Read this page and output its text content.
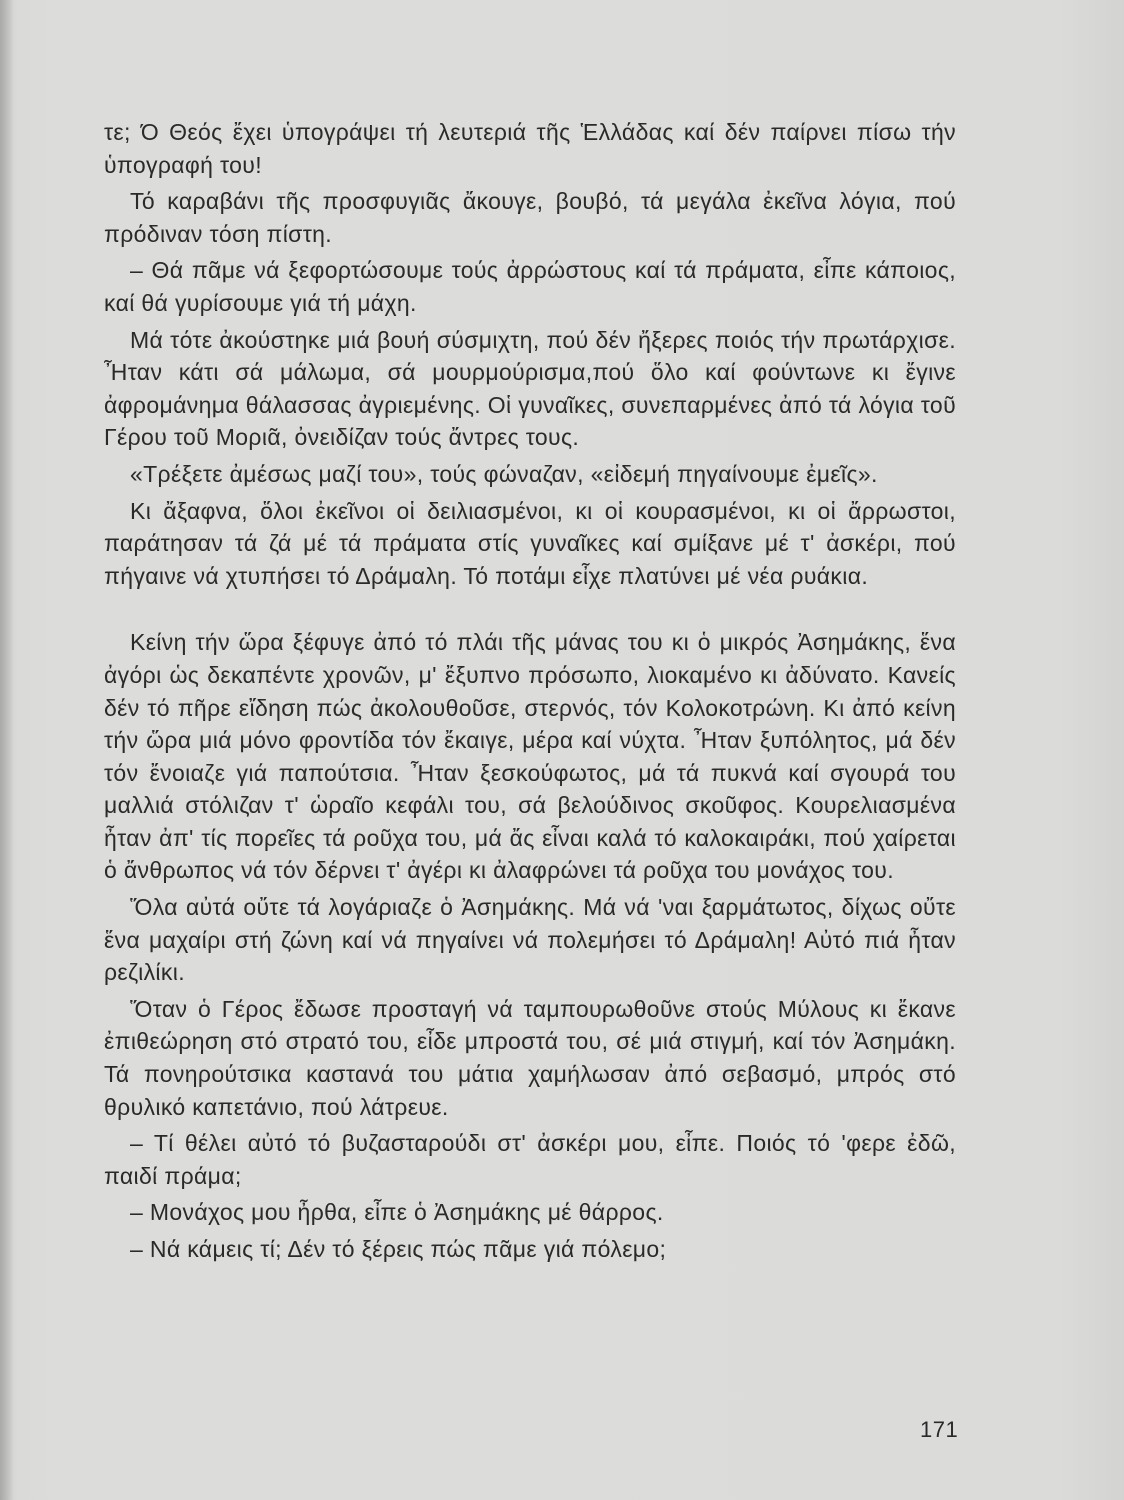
τε; Ό Θεός ἔχει ὑπογράψει τή λευτεριά τῆς Ἑλλάδας καί δέν παίρνει πίσω τήν ὑπογραφή του!

Τό καραβάνι τῆς προσφυγιᾶς ἄκουγε, βουβό, τά μεγάλα ἐκεῖνα λόγια, πού πρόδιναν τόση πίστη.

– Θά πᾶμε νά ξεφορτώσουμε τούς ἀρρώστους καί τά πράματα, εἶπε κάποιος, καί θά γυρίσουμε γιά τή μάχη.

Μά τότε ἀκούστηκε μιά βουή σύσμιχτη, πού δέν ἤξερες ποιός τήν πρωτάρχισε. Ἦταν κάτι σά μάλωμα, σά μουρμούρισμα,πού ὅλο καί φούντωνε κι ἔγινε ἀφρομάνημα θάλασσας ἀγριεμένης. Οἱ γυναῖκες, συνεπαρμένες ἀπό τά λόγια τοῦ Γέρου τοῦ Μοριᾶ, ὀνειδίζαν τούς ἄντρες τους.

«Τρέξετε ἀμέσως μαζί του», τούς φώναζαν, «εἰδεμή πηγαίνουμε ἐμεῖς».

Κι ἄξαφνα, ὅλοι ἐκεῖνοι οἱ δειλιασμένοι, κι οἱ κουρασμένοι, κι οἱ ἄρρωστοι, παράτησαν τά ζά μέ τά πράματα στίς γυναῖκες καί σμίξανε μέ τ' ἀσκέρι, πού πήγαινε νά χτυπήσει τό Δράμαλη. Τό ποτάμι εἶχε πλατύνει μέ νέα ρυάκια.

Κείνη τήν ὥρα ξέφυγε ἀπό τό πλάι τῆς μάνας του κι ὁ μικρός Ἀσημάκης, ἕνα ἀγόρι ὡς δεκαπέντε χρονῶν, μ' ἔξυπνο πρόσωπο, λιοκαμένο κι ἀδύνατο. Κανείς δέν τό πῆρε εἴδηση πώς ἀκολουθοῦσε, στερνός, τόν Κολοκοτρώνη. Κι ἀπό κείνη τήν ὥρα μιά μόνο φροντίδα τόν ἔκαιγε, μέρα καί νύχτα. Ἦταν ξυπόλητος, μά δέν τόν ἔνοιαζε γιά παπούτσια. Ἦταν ξεσκούφωτος, μά τά πυκνά καί σγουρά του μαλλιά στόλιζαν τ' ὡραῖο κεφάλι του, σά βελούδινος σκοῦφος. Κουρελιασμένα ἦταν ἀπ' τίς πορεῖες τά ροῦχα του, μά ἄς εἶναι καλά τό καλοκαιράκι, πού χαίρεται ὁ ἄνθρωπος νά τόν δέρνει τ' ἀγέρι κι ἀλαφρώνει τά ροῦχα του μονάχος του.

Ὅλα αὐτά οὔτε τά λογάριαζε ὁ Ἀσημάκης. Μά νά 'ναι ξαρμάτωτος, δίχως οὔτε ἕνα μαχαίρι στή ζώνη καί νά πηγαίνει νά πολεμήσει τό Δράμαλη! Αὐτό πιά ἦταν ρεζιλίκι.

Ὅταν ὁ Γέρος ἔδωσε προσταγή νά ταμπουρωθοῦνε στούς Μύλους κι ἔκανε ἐπιθεώρηση στό στρατό του, εἶδε μπροστά του, σέ μιά στιγμή, καί τόν Ἀσημάκη. Τά πονηρούτσικα καστανά του μάτια χαμήλωσαν ἀπό σεβασμό, μπρός στό θρυλικό καπετάνιο, πού λάτρευε.

– Τί θέλει αὐτό τό βυζασταρούδι στ' ἀσκέρι μου, εἶπε. Ποιός τό 'φερε ἐδῶ, παιδί πράμα;

– Μονάχος μου ἦρθα, εἶπε ὁ Ἀσημάκης μέ θάρρος.

– Νά κάμεις τί; Δέν τό ξέρεις πώς πᾶμε γιά πόλεμο;

171
